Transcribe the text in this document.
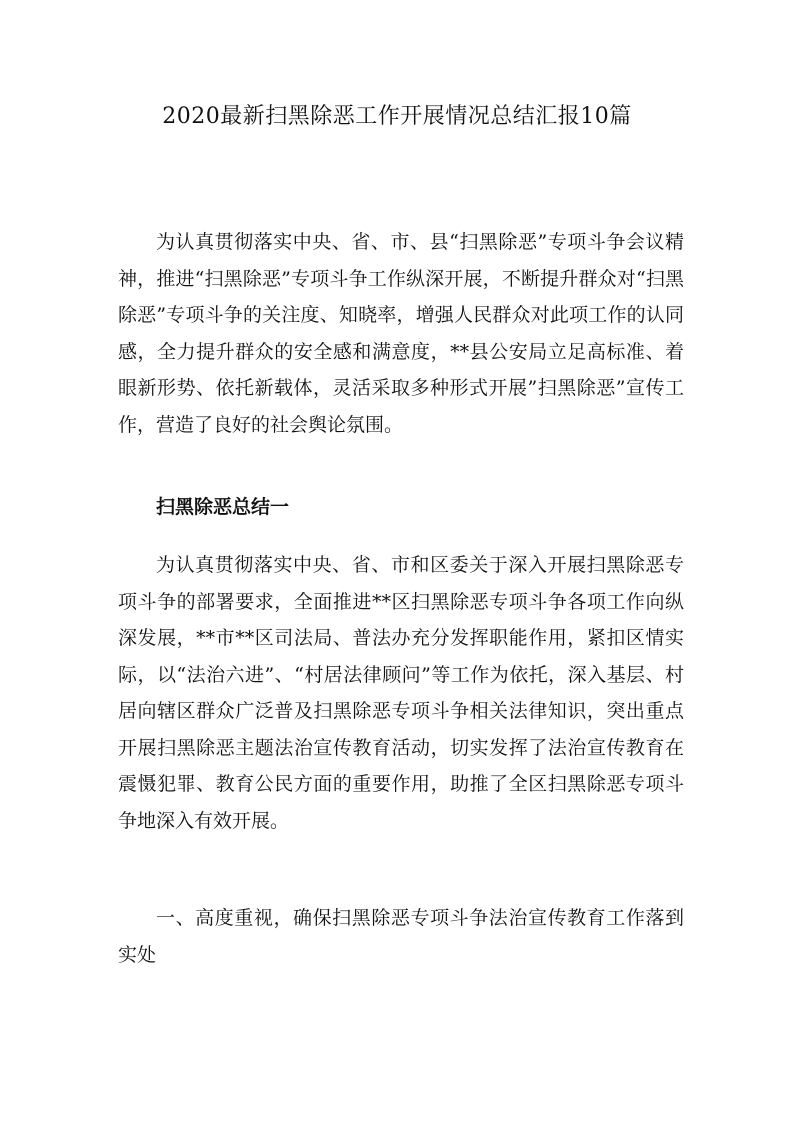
2020最新扫黑除恶工作开展情况总结汇报10篇

为认真贯彻落实中央、省、市、县“扫黑除恶”专项斗争会议精神，推进“扫黑除恶”专项斗争工作纵深开展，不断提升群众对“扫黑除恶”专项斗争的关注度、知晓率，增强人民群众对此项工作的认同感，全力提升群众的安全感和满意度，**县公安局立足高标准、着眼新形势、依托新载体，灵活采取多种形式开展”扫黑除恶”宣传工作，营造了良好的社会舆论氛围。

扫黑除恶总结一

为认真贯彻落实中央、省、市和区委关于深入开展扫黑除恶专项斗争的部署要求，全面推进**区扫黑除恶专项斗争各项工作向纵深发展，**市**区司法局、普法办充分发挥职能作用，紧扣区情实际，以“法治六进”、“村居法律顾问”等工作为依托，深入基层、村居向辖区群众广泛普及扫黑除恶专项斗争相关法律知识，突出重点开展扫黑除恶主题法治宣传教育活动，切实发挥了法治宣传教育在震慑犯罪、教育公民方面的重要作用，助推了全区扫黑除恶专项斗争地深入有效开展。

一、高度重视，确保扫黑除恶专项斗争法治宣传教育工作落到实处
